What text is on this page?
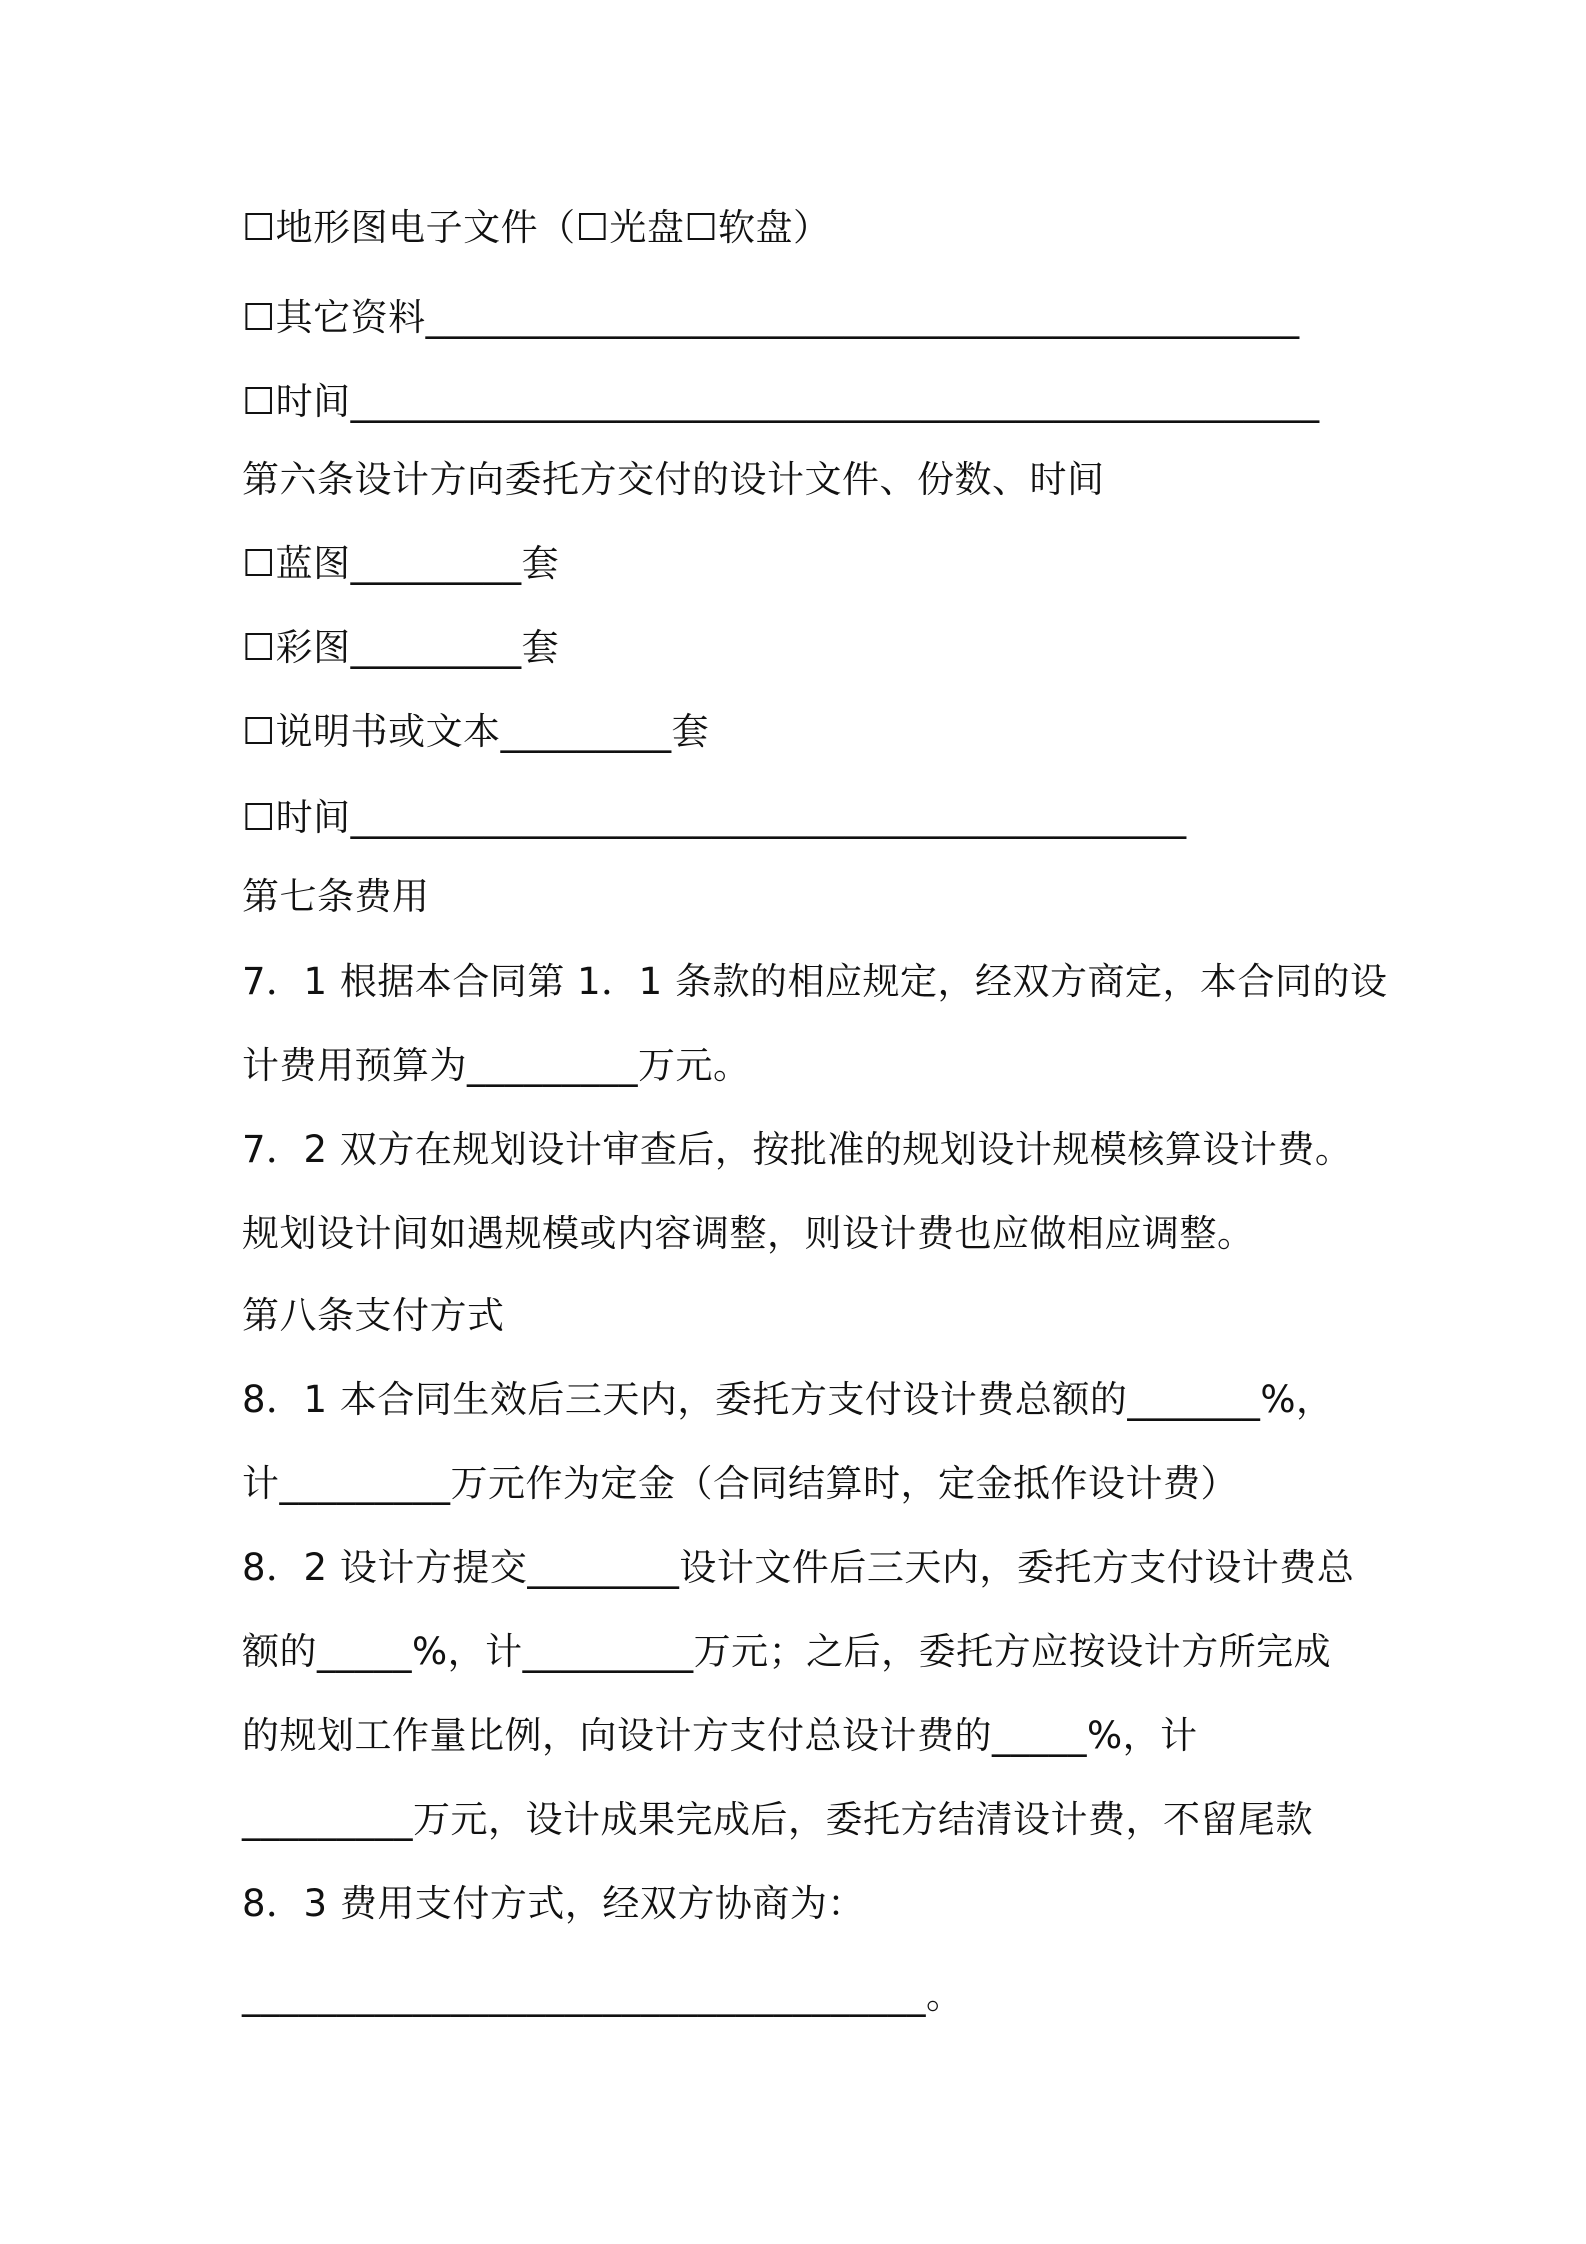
☐地形图电子文件（☐光盘☐软盘）
☐其它资料______________________________________________
☐时间___________________________________________________
第六条设计方向委托方交付的设计文件、份数、时间
☐蓝图_________套
☐彩图_________套
☐说明书或文本_________套
☐时间____________________________________________
第七条费用
7．1 根据本合同第 1．1 条款的相应规定，经双方商定，本合同的设
计费用预算为_________万元。
7．2 双方在规划设计审查后，按批准的规划设计规模核算设计费。
规划设计间如遇规模或内容调整，则设计费也应做相应调整。
第八条支付方式
8．1 本合同生效后三天内，委托方支付设计费总额的_______%，
计_________万元作为定金（合同结算时，定金抵作设计费）
8．2 设计方提交________设计文件后三天内，委托方支付设计费总
额的_____%，计_________万元；之后，委托方应按设计方所完成
的规划工作量比例，向设计方支付总设计费的_____%，计
_________万元，设计成果完成后，委托方结清设计费，不留尾款
8．3 费用支付方式，经双方协商为：
____________________________________。
